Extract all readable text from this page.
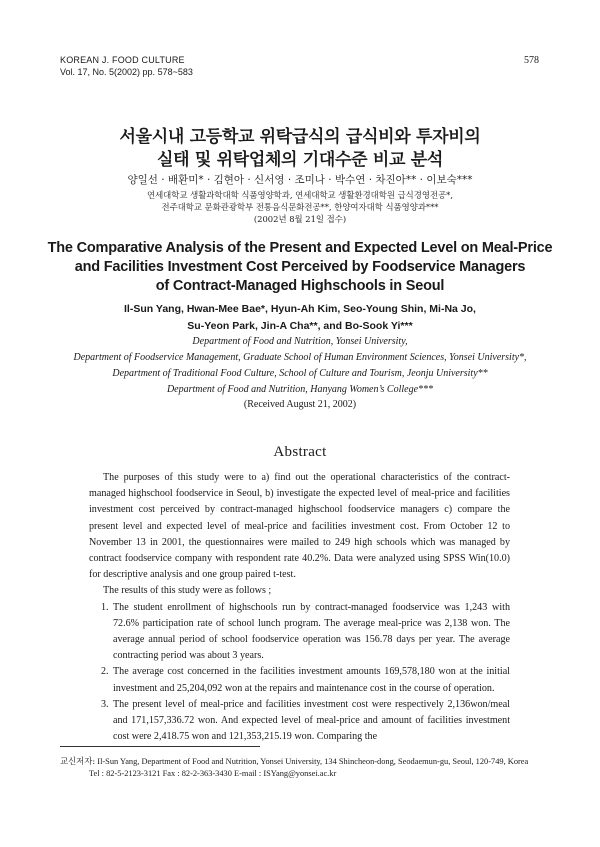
KOREAN J. FOOD CULTURE
Vol. 17, No. 5(2002) pp. 578~583
578
서울시내 고등학교 위탁급식의 급식비와 투자비의
실태 및 위탁업체의 기대수준 비교 분석
양일선 · 배환미* · 김현아 · 신서영 · 조미나 · 박수연 · 차진아** · 이보숙***
연세대학교 생활과학대학 식품영양학과, 연세대학교 생활환경대학원 급식경영전공*,
전주대학교 문화관광학부 전통음식문화전공**, 한양여자대학 식품영양과***
(2002년 8월 21일 접수)
The Comparative Analysis of the Present and Expected Level on Meal-Price
and Facilities Investment Cost Perceived by Foodservice Managers
of Contract-Managed Highschools in Seoul
Il-Sun Yang, Hwan-Mee Bae*, Hyun-Ah Kim, Seo-Young Shin, Mi-Na Jo,
Su-Yeon Park, Jin-A Cha**, and Bo-Sook Yi***
Department of Food and Nutrition, Yonsei University,
Department of Foodservice Management, Graduate School of Human Environment Sciences, Yonsei University*,
Department of Traditional Food Culture, School of Culture and Tourism, Jeonju University**
Department of Food and Nutrition, Hanyang Women’s College***
(Received August 21, 2002)
Abstract

The purposes of this study were to a) find out the operational characteristics of the contract-managed highschool foodservice in Seoul, b) investigate the expected level of meal-price and facilities investment cost perceived by contract-managed highschool foodservice managers c) compare the present level and expected level of meal-price and facilities investment cost. From October 12 to November 13 in 2001, the questionnaires were mailed to 249 high schools which was managed by contract foodservice company with respondent rate 40.2%. Data were analyzed using SPSS Win(10.0) for descriptive analysis and one group paired t-test.

The results of this study were as follows ;

1. The student enrollment of highschools run by contract-managed foodservice was 1,243 with 72.6% participation rate of school lunch program. The average meal-price was 2,138 won. The average annual period of school foodservice operation was 156.78 days per year. The average contracting period was about 3 years.
2. The average cost concerned in the facilities investment amounts 169,578,180 won at the initial investment and 25,204,092 won at the repairs and maintenance cost in the course of operation.
3. The present level of meal-price and facilities investment cost were respectively 2,136won/meal and 171,157,336.72 won. And expected level of meal-price and amount of facilities investment cost were 2,418.75 won and 121,353,215.19 won. Comparing the
교신저자: Il-Sun Yang, Department of Food and Nutrition, Yonsei University, 134 Shincheon-dong, Seodaemun-gu, Seoul, 120-749, Korea
Tel : 82-5-2123-3121 Fax : 82-2-363-3430 E-mail : ISYang@yonsei.ac.kr
